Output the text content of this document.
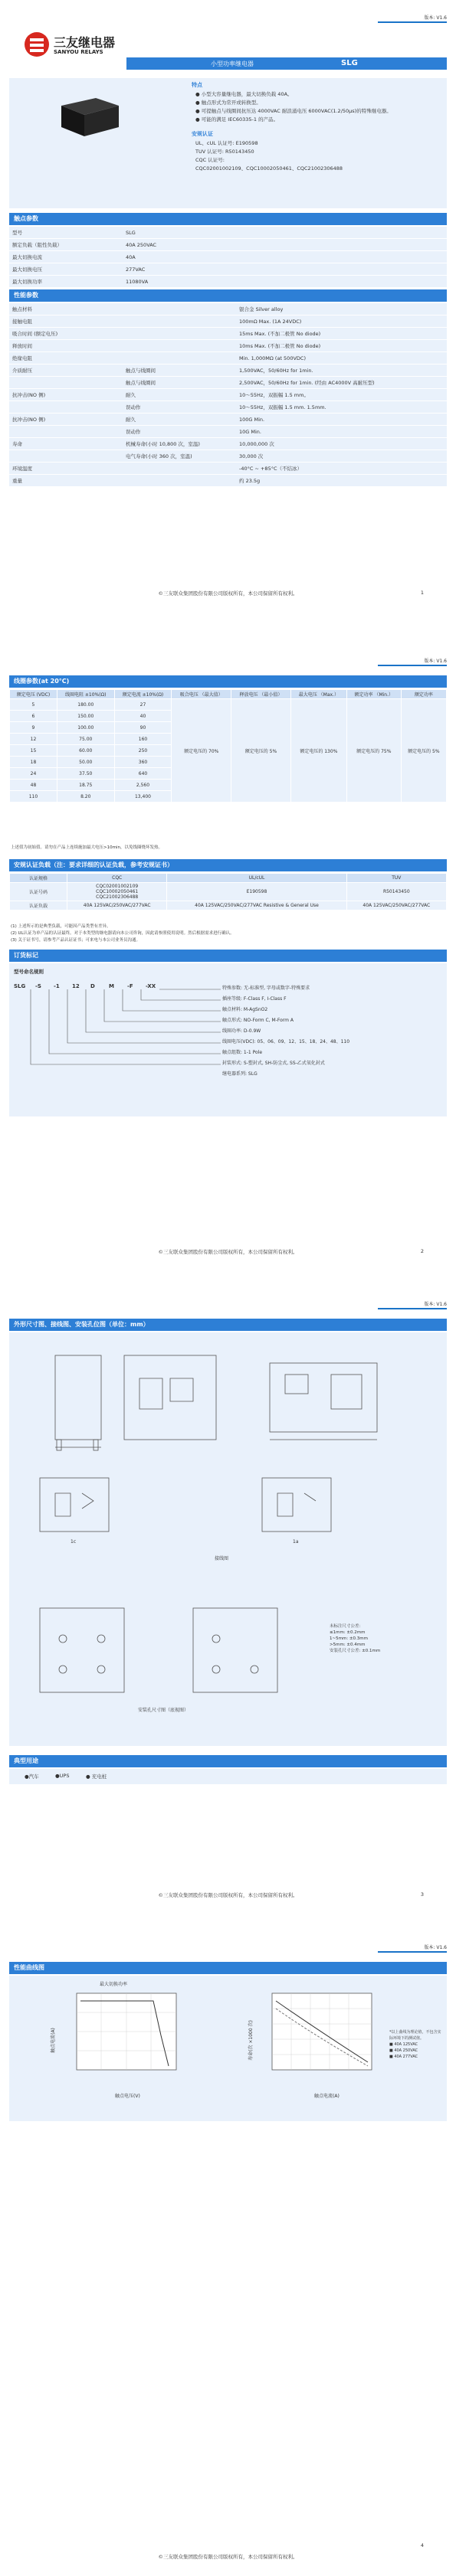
版本: V1.6
三友继电器
SANYOU RELAYS
小型功率继电器	SLG
特点
● 小型大容量继电器，最大切换负载 40A。
● 触点形式为常开或转换型。
● 可提触点与线圈间抗压达 4000VAC 耐浪涌电压 6000VAC(1.2/50μs)的特殊继电器。
● 可能的满足 IEC60335-1 的产品。
安规认证
UL、cUL 认证号: E190598
TUV 认证号: R50143450
CQC 认证号:
CQC02001002109、CQC10002050461、CQC21002306488
触点参数
型号	SLG
额定负载（阻性负载）	40A 250VAC
最大切换电流	40A
最大切换电压	277VAC
最大切换功率	11080VA
性能参数
触点材料		银合金 Silver alloy
接触电阻		100mΩ Max. (1A 24VDC)
吸合时间 (额定电压)		15ms Max. (不加二极管 No diode)
释放时间		10ms Max. (不加二极管 No diode)
绝缘电阻		Min. 1,000MΩ (at 500VDC)
介质耐压	触点与线圈间	1,500VAC，50/60Hz for 1min.
	触点与线圈间	2,500VAC，50/60Hz for 1min. (经由 AC4000V 高耐压型)
抗冲击(NO 侧)	耐久	10～55Hz，双振幅 1.5 mm。
	误动作	10～55Hz，双振幅 1.5 mm. 1.5mm.
抗冲击(NO 侧)	耐久	100G Min.
	误动作	10G Min.
寿命	机械寿命(小时 10,800 次，室温)	10,000,000 次
	电气寿命(小时 360 次，室温)	30,000 次
环境温度		-40°C ~ +85°C（不结冰）
重量		约 23.5g
©三友联众集团股份有限公司版权所有，本公司保留所有权利。	1
版本: V1.6
线圈参数(at 20°C)
额定电压 (VDC)	线圈电阻 ±10%(Ω)	额定电流 ±10%(Ω)	吸合电压 （最大值）	释放电压 （最小值）	最大电压 （Max.）	额定功率 （Min.）	额定功率
5	180.00	27	额定电压的 70%	额定电压的 5%	额定电压的 130%	额定电压的 75%	额定电压的 5%
6	150.00	40					
9	100.00	90					
12	75.00	160					
15	60.00	250					
18	50.00	360					
24	37.50	640					
48	18.75	2,560					
110	8.20	13,400					
上述值为初始值。请勿在产品上连续施加最大电压>10min，以免线圈烧坏发热。
安规认证负载（注：要求详细的认证负载，参考安规证书）
认证规格	CQC	UL/cUL	TUV
认证号码	CQC02001002109
CQC10002050461
CQC21002306488	E190598	R50143450
认证负载	40A 125VAC/250VAC/277VAC	40A 125VAC/250VAC/277VAC Resistive & General Use	40A 125VAC/250VAC/277VAC
(1) 上述所示的是典型负载，可能因产品类型有差异。
(2) UL认证为单产品的认证最终。对于本类型的继电器请向本公司咨询，因此请参照使用说明。然后根据需求进行确认。
(3) 关于证书号，请参考产品认证证书；可来电与本公司业务员沟通。
订货标记
型号命名规则
SLG -S -1 12 D	M -F -XX	特殊参数: 无-标准型, 字母或数字-特殊要求
插座等级: F-Class F, I-Class F
触点材料: M-AgSnO2
触点形式: NO-Form C, M-Form A
线圈功率: D-0.9W
线圈电压(VDC): 05、06、09、12、15、18、24、48、110
触点组数: 1-1 Pole
封装形式: S-塑封式, SH-防尘式, SS-乙式氧化封式
继电器系列: SLG
©三友联众集团股份有限公司版权所有，本公司保留所有权利。	2
版本: V1.6
外形尺寸图、接线图、安装孔位图（单位：mm）
1c	1a
接线图
安装孔尺寸图（底视图）
未标注尺寸公差：
≤1mm: ±0.2mm
1~5mm: ±0.3mm
>5mm: ±0.4mm
安装孔尺寸公差: ±0.1mm
典型用途
●汽车	●UPS	● 充电桩
©三友联众集团股份有限公司版权所有，本公司保留所有权利。	3
版本: V1.6
性能曲线图
最大切换功率
触点电压(V)
触点电流(A)
触点电流(A)
寿命(次 ×1000 次)	*以上曲线为理论值，不包含实际环境下的测试值。
■ 40A 125VAC
■ 40A 250VAC
■ 40A 277VAC
©三友联众集团股份有限公司版权所有，本公司保留所有权利。
4
